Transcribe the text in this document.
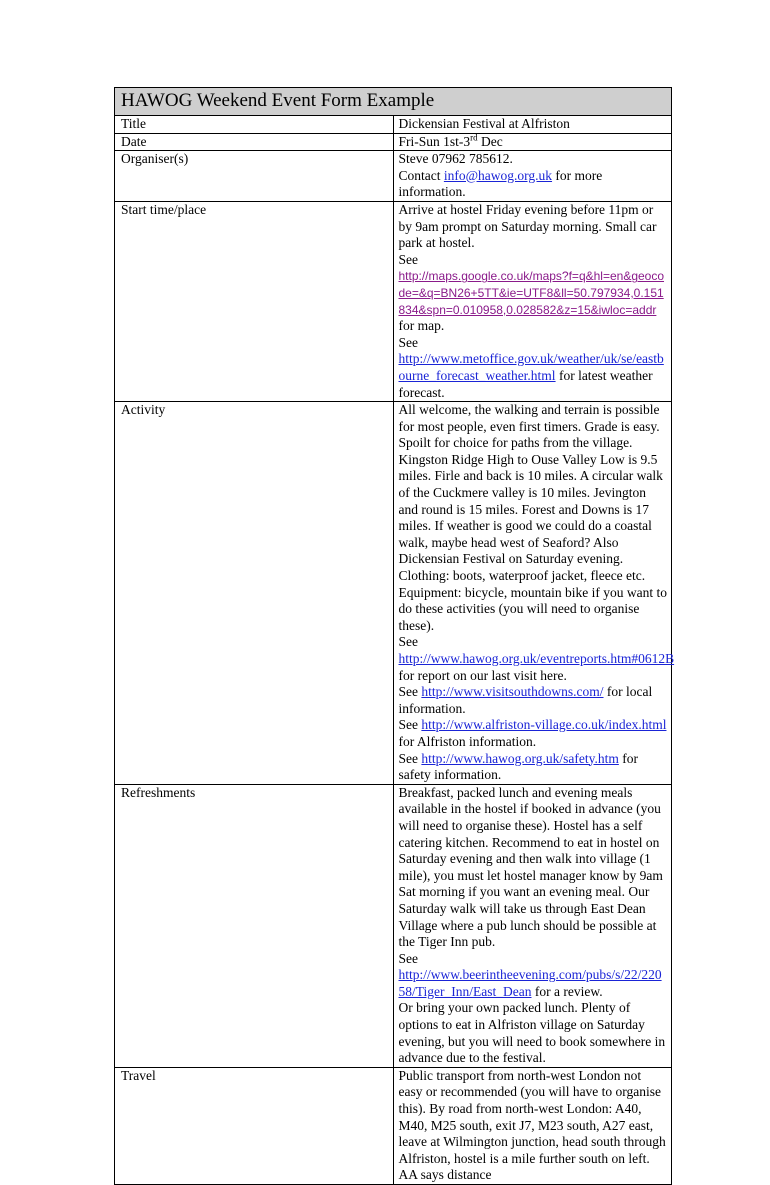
HAWOG Weekend Event Form Example	
Title	Dickensian Festival at Alfriston
Date	Fri-Sun 1st-3rd Dec
Organiser(s)	Steve 07962 785612.
Contact info@hawog.org.uk for more information.

Start time/place	Arrive at hostel Friday evening before 11pm or by 9am prompt on Saturday morning. Small car park at hostel.
See
http://maps.google.co.uk/maps?f=q&hl=en&geocode=&q=BN26+5TT&ie=UTF8&ll=50.797934,0.151834&spn=0.010958,0.028582&z=15&iwloc=addr for map.
See
http://www.metoffice.gov.uk/weather/uk/se/eastbourne_forecast_weather.html for latest weather forecast.

Activity	All welcome, the walking and terrain is possible for most people, even first timers. Grade is easy. Spoilt for choice for paths from the village. Kingston Ridge High to Ouse Valley Low is 9.5 miles. Firle and back is 10 miles. A circular walk of the Cuckmere valley is 10 miles. Jevington and round is 15 miles. Forest and Downs is 17 miles. If weather is good we could do a coastal walk, maybe head west of Seaford? Also Dickensian Festival on Saturday evening. Clothing: boots, waterproof jacket, fleece etc. Equipment: bicycle, mountain bike if you want to do these activities (you will need to organise these).
See http://www.hawog.org.uk/eventreports.htm#0612B for report on our last visit here.
See http://www.visitsouthdowns.com/ for local information.
See http://www.alfriston-village.co.uk/index.html for Alfriston information.
See http://www.hawog.org.uk/safety.htm for safety information.

Refreshments	Breakfast, packed lunch and evening meals available in the hostel if booked in advance (you will need to organise these). Hostel has a self catering kitchen. Recommend to eat in hostel on Saturday evening and then walk into village (1 mile), you must let hostel manager know by 9am Sat morning if you want an evening meal. Our Saturday walk will take us through East Dean Village where a pub lunch should be possible at the Tiger Inn pub.
See
http://www.beerintheevening.com/pubs/s/22/22058/Tiger_Inn/East_Dean for a review.
Or bring your own packed lunch. Plenty of options to eat in Alfriston village on Saturday evening, but you will need to book somewhere in advance due to the festival.

Travel	Public transport from north-west London not easy or recommended (you will have to organise this). By road from north-west London: A40, M40, M25 south, exit J7, M23 south, A27 east, leave at Wilmington junction, head south through Alfriston, hostel is a mile further south on left. AA says distance
